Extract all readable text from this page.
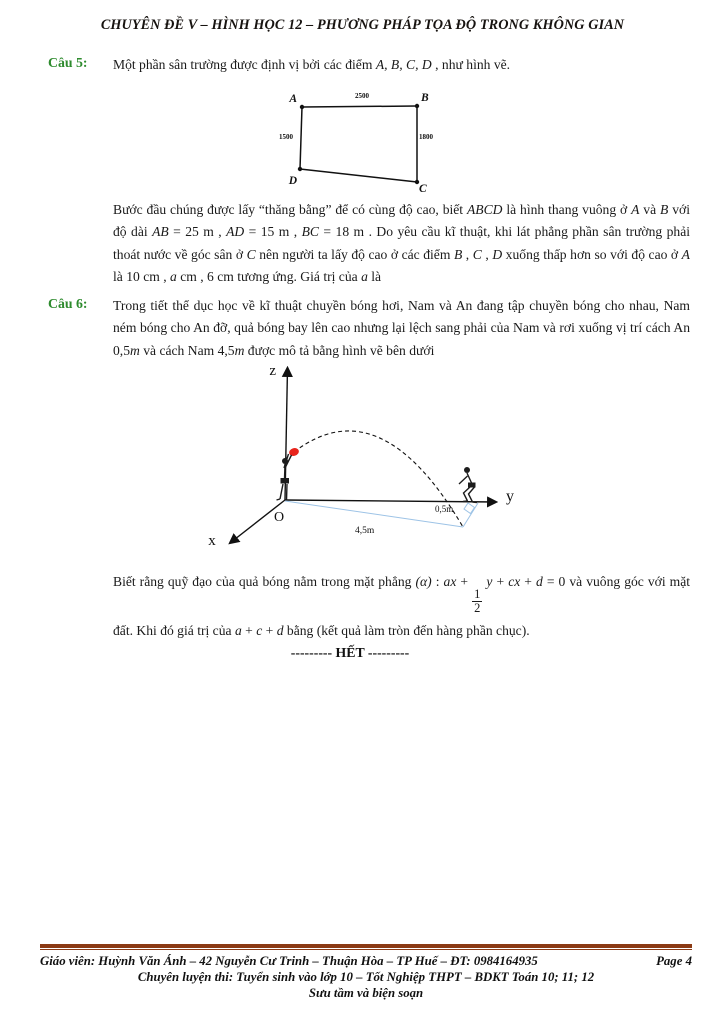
CHUYÊN ĐỀ V – HÌNH HỌC 12 – PHƯƠNG PHÁP TỌA ĐỘ TRONG KHÔNG GIAN
Câu 5: Một phần sân trường được định vị bởi các điểm A, B, C, D , như hình vẽ.
A	B
D
C
2500
1500	1800
Bước đầu chúng được lấy “thăng bằng” để có cùng độ cao, biết ABCD là hình thang vuông ở A và B với độ dài AB = 25 m , AD = 15 m , BC = 18 m . Do yêu cầu kĩ thuật, khi lát phẳng phần sân trường phải thoát nước về góc sân ở C nên người ta lấy độ cao ở các điểm B , C , D xuống thấp hơn so với độ cao ở A là 10 cm , a cm , 6 cm tương ứng. Giá trị của a là
Câu 6: Trong tiết thể dục học về kĩ thuật chuyền bóng hơi, Nam và An đang tập chuyền bóng cho nhau, Nam ném bóng cho An đỡ, quả bóng bay lên cao nhưng lại lệch sang phải của Nam và rơi xuống vị trí cách An 0,5m và cách Nam 4,5m được mô tả bằng hình vẽ bên dưới
z
y
x
O
4,5m
0,5m
Biết rằng quỹ đạo của quả bóng nằm trong mặt phẳng (α) : ax +
$\frac{1}{2}$
y + cx + d = 0 và vuông góc với mặt đất. Khi đó giá trị của a + c + d bằng (kết quả làm tròn đến hàng phần chục).
--------- HẾT ---------
Giáo viên: Huỳnh Văn Ánh – 42 Nguyễn Cư Trinh – Thuận Hòa – TP Huế – ĐT: 0984164935	Page 4
Chuyên luyện thi: Tuyển sinh vào lớp 10 – Tốt Nghiệp THPT – BDKT Toán 10; 11; 12
Sưu tầm và biện soạn
